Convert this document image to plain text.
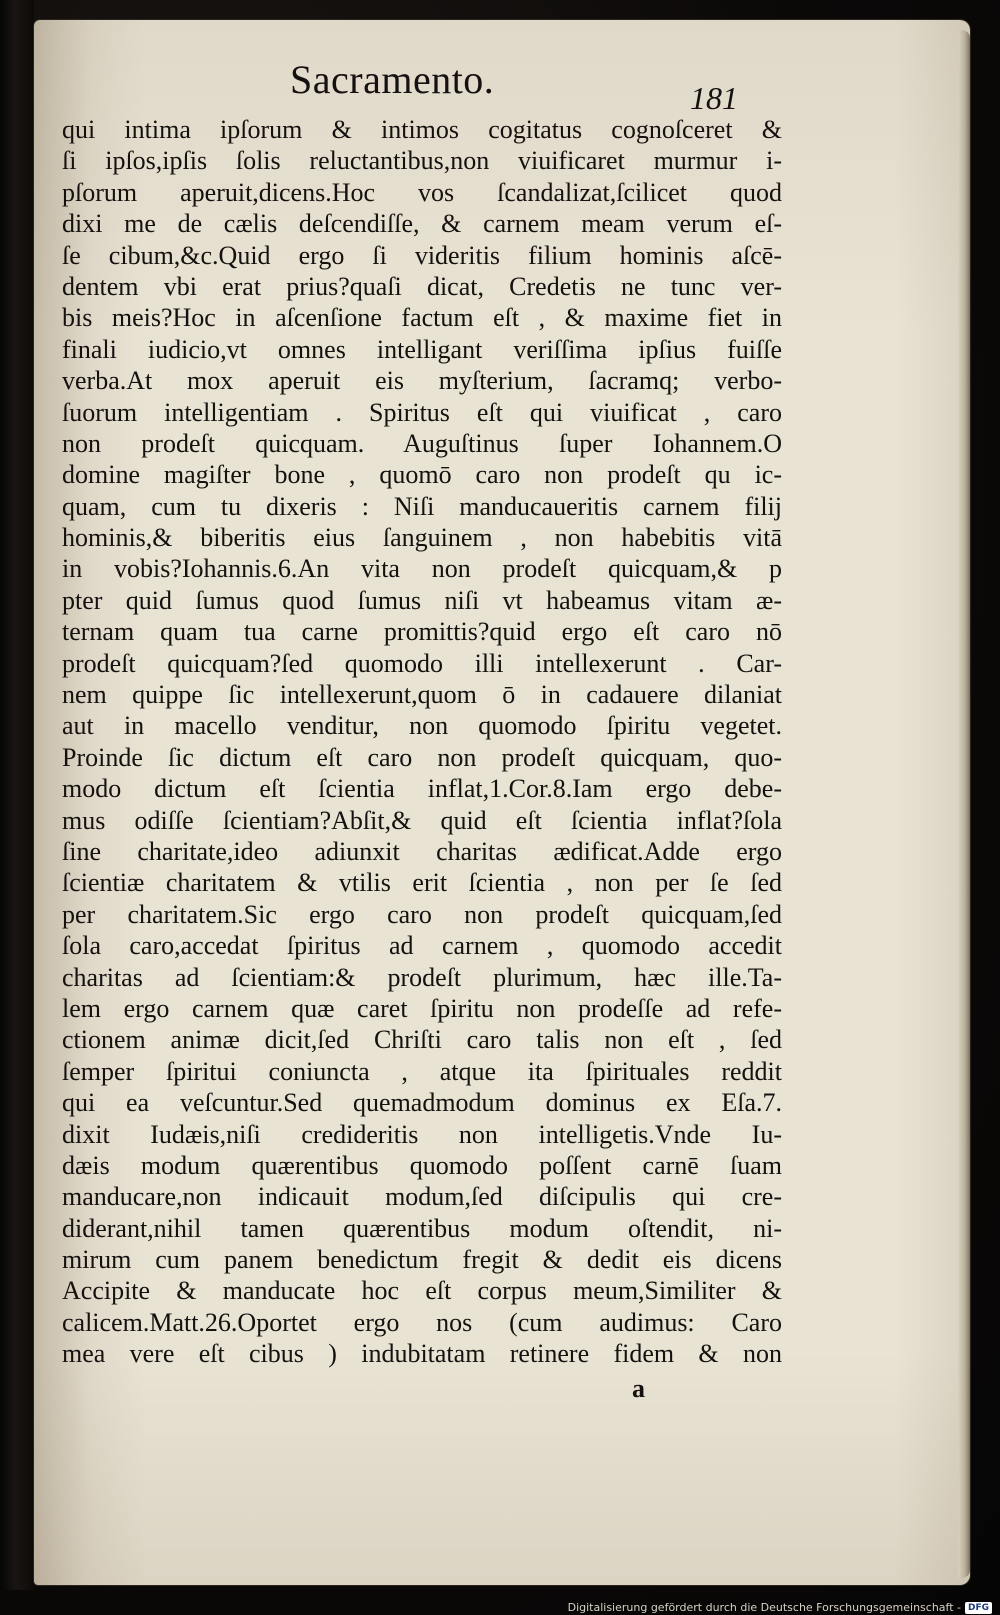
Sacramento.	181
qui intima ipſorum & intimos cogitatus cognoſceret &
ſi ipſos,ipſis ſolis reluctantibus,non viuificaret murmur i-
pſorum aperuit,dicens.Hoc vos ſcandalizat,ſcilicet quod
dixi me de cælis deſcendiſſe, & carnem meam verum eſ-
ſe cibum,&c.Quid ergo ſi videritis filium hominis aſcē-
dentem vbi erat prius?quaſi dicat, Credetis ne tunc ver-
bis meis?Hoc in aſcenſione factum eſt , & maxime fiet in
finali iudicio,vt omnes intelligant veriſſima ipſius fuiſſe
verba.At mox aperuit eis myſterium, ſacramq; verbo-
ſuorum intelligentiam . Spiritus eſt qui viuificat , caro
non prodeſt quicquam. Auguſtinus ſuper Iohannem.O
domine magiſter bone , quomō caro non prodeſt qu ic-
quam, cum tu dixeris : Niſi manducaueritis carnem filij
hominis,& biberitis eius ſanguinem , non habebitis vitā
in vobis?Iohannis.6.An vita non prodeſt quicquam,& p
pter quid ſumus quod ſumus niſi vt habeamus vitam æ-
ternam quam tua carne promittis?quid ergo eſt caro nō
prodeſt quicquam?ſed quomodo illi intellexerunt . Car-
nem quippe ſic intellexerunt,quom ō in cadauere dilaniat
aut in macello venditur, non quomodo ſpiritu vegetet.
Proinde ſic dictum eſt caro non prodeſt quicquam, quo-
modo dictum eſt ſcientia inflat,1.Cor.8.Iam ergo debe-
mus odiſſe ſcientiam?Abſit,& quid eſt ſcientia inflat?ſola
ſine charitate,ideo adiunxit charitas ædificat.Adde ergo
ſcientiæ charitatem & vtilis erit ſcientia , non per ſe ſed
per charitatem.Sic ergo caro non prodeſt quicquam,ſed
ſola caro,accedat ſpiritus ad carnem , quomodo accedit
charitas ad ſcientiam:& prodeſt plurimum, hæc ille.Ta-
lem ergo carnem quæ caret ſpiritu non prodeſſe ad refe-
ctionem animæ dicit,ſed Chriſti caro talis non eſt , ſed
ſemper ſpiritui coniuncta , atque ita ſpirituales reddit
qui ea veſcuntur.Sed quemadmodum dominus ex Eſa.7.
dixit Iudæis,niſi credideritis non intelligetis.Vnde Iu-
dæis modum quærentibus quomodo poſſent carnē ſuam
manducare,non indicauit modum,ſed diſcipulis qui cre-
diderant,nihil tamen quærentibus modum oſtendit, ni-
mirum cum panem benedictum fregit & dedit eis dicens
Accipite & manducate hoc eſt corpus meum,Similiter &
calicem.Matt.26.Oportet ergo nos (cum audimus: Caro
mea vere eſt cibus ) indubitatam retinere fidem & non
a
Digitalisierung gefördert durch die Deutsche Forschungsgemeinschaft - DFG
